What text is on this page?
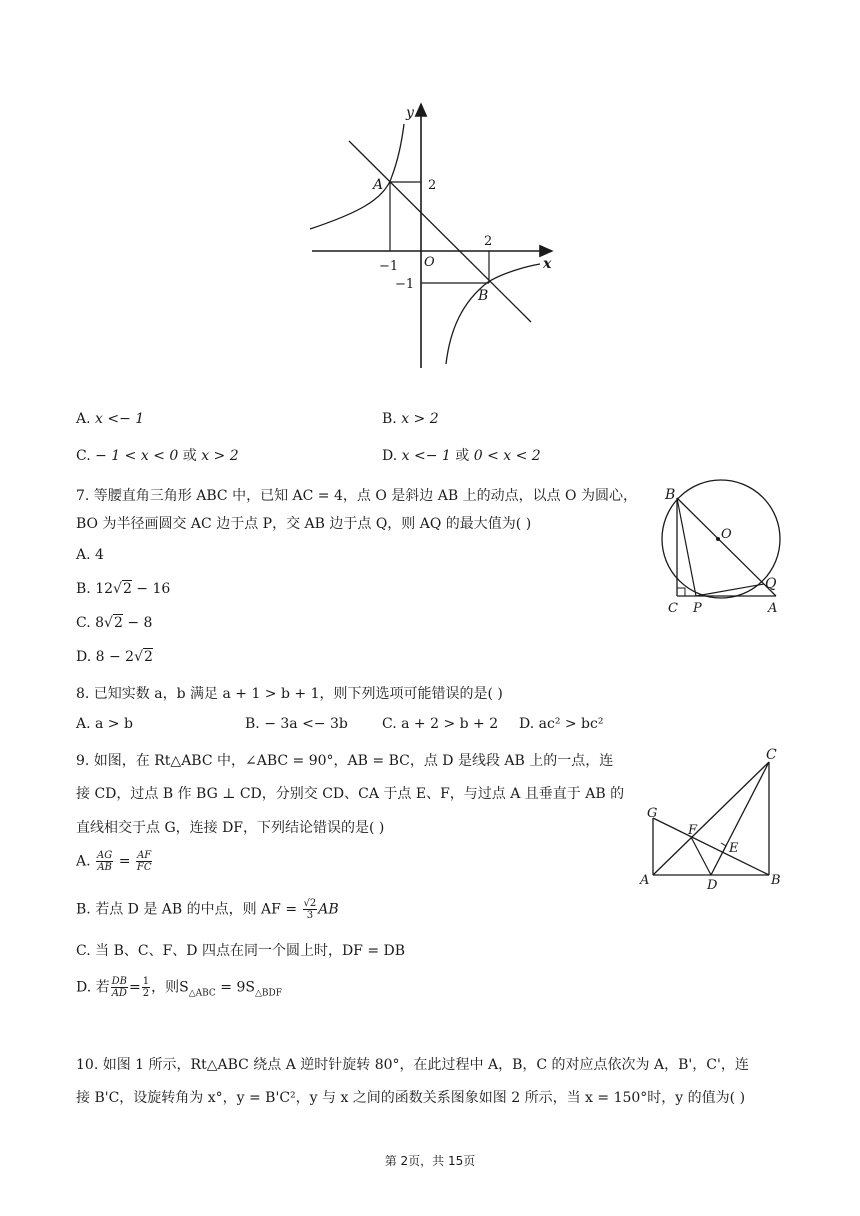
y
x
A
B
O
2
−1
−1
2
A. x <− 1	B. x > 2
C. − 1 < x < 0 或 x > 2	D. x <− 1 或 0 < x < 2
7. 等腰直角三角形 ABC 中，已知 AC = 4，点 O 是斜边 AB 上的动点，以点 O 为圆心，
BO 为半径画圆交 AC 边于点 P，交 AB 边于点 Q，则 AQ 的最大值为( )
A. 4
B. 12√2 − 16
C. 8√2 − 8
D. 8 − 2√2
B
O
Q
C P	A
8. 已知实数 a，b 满足 a + 1 > b + 1，则下列选项可能错误的是( )
A. a > b	B. − 3a <− 3b C. a + 2 > b + 2 D. ac² > bc²
9. 如图，在 Rt△ABC 中，∠ABC = 90°，AB = BC，点 D 是线段 AB 上的一点，连
接 CD，过点 B 作 BG ⊥ CD，分别交 CD、CA 于点 E、F，与过点 A 且垂直于 AB 的
直线相交于点 G，连接 DF，下列结论错误的是( )
A. $\frac{AG}{AB} = \frac{AF}{FC}$
B. 若点 D 是 AB 的中点，则 AF = $\frac{√2}{3}$ AB
C. 当 B、C、F、D 四点在同一个圆上时，DF = DB
D. 若 $\frac{DB}{AD} = \frac{1}{2}$ ，则$S_{\triangle ABC} = 9S_{\triangle BDF}$
C
G
F
E
A	D	B
10. 如图 1 所示，Rt△ABC 绕点 A 逆时针旋转 80°，在此过程中 A，B，C 的对应点依次为 A，B'，C'，连
接 B'C，设旋转角为 x°，y = B'C²，y 与 x 之间的函数关系图象如图 2 所示，当 x = 150°时，y 的值为( )
第 2页，共 15页
